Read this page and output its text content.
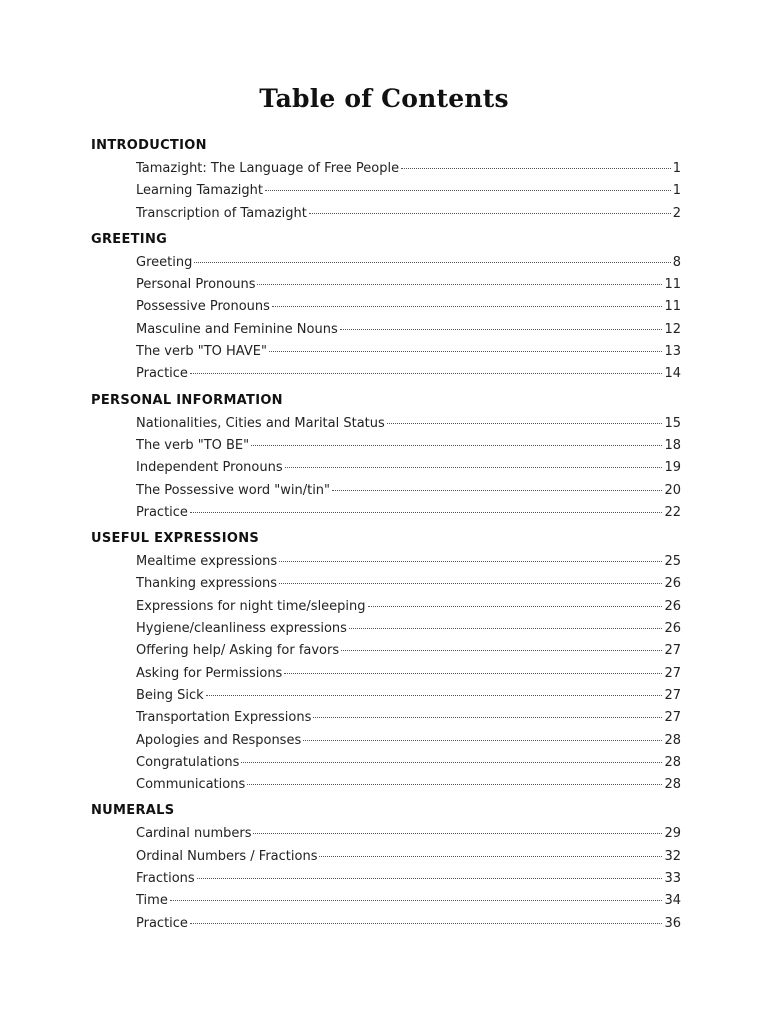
Table of Contents
INTRODUCTION
Tamazight: The Language of Free People	1
Learning Tamazight	1
Transcription of Tamazight	2
GREETING
Greeting	8
Personal Pronouns	11
Possessive Pronouns	11
Masculine and Feminine Nouns	12
The verb "TO HAVE"	13
Practice	14
PERSONAL INFORMATION
Nationalities, Cities and Marital Status	15
The verb "TO BE"	18
Independent Pronouns	19
The Possessive word "win/tin"	20
Practice	22
USEFUL EXPRESSIONS
Mealtime expressions	25
Thanking expressions	26
Expressions for night time/sleeping	26
Hygiene/cleanliness expressions	26
Offering help/ Asking for favors	27
Asking for Permissions	27
Being Sick	27
Transportation Expressions	27
Apologies and Responses	28
Congratulations	28
Communications	28
NUMERALS
Cardinal numbers	29
Ordinal Numbers / Fractions	32
Fractions	33
Time	34
Practice	36
